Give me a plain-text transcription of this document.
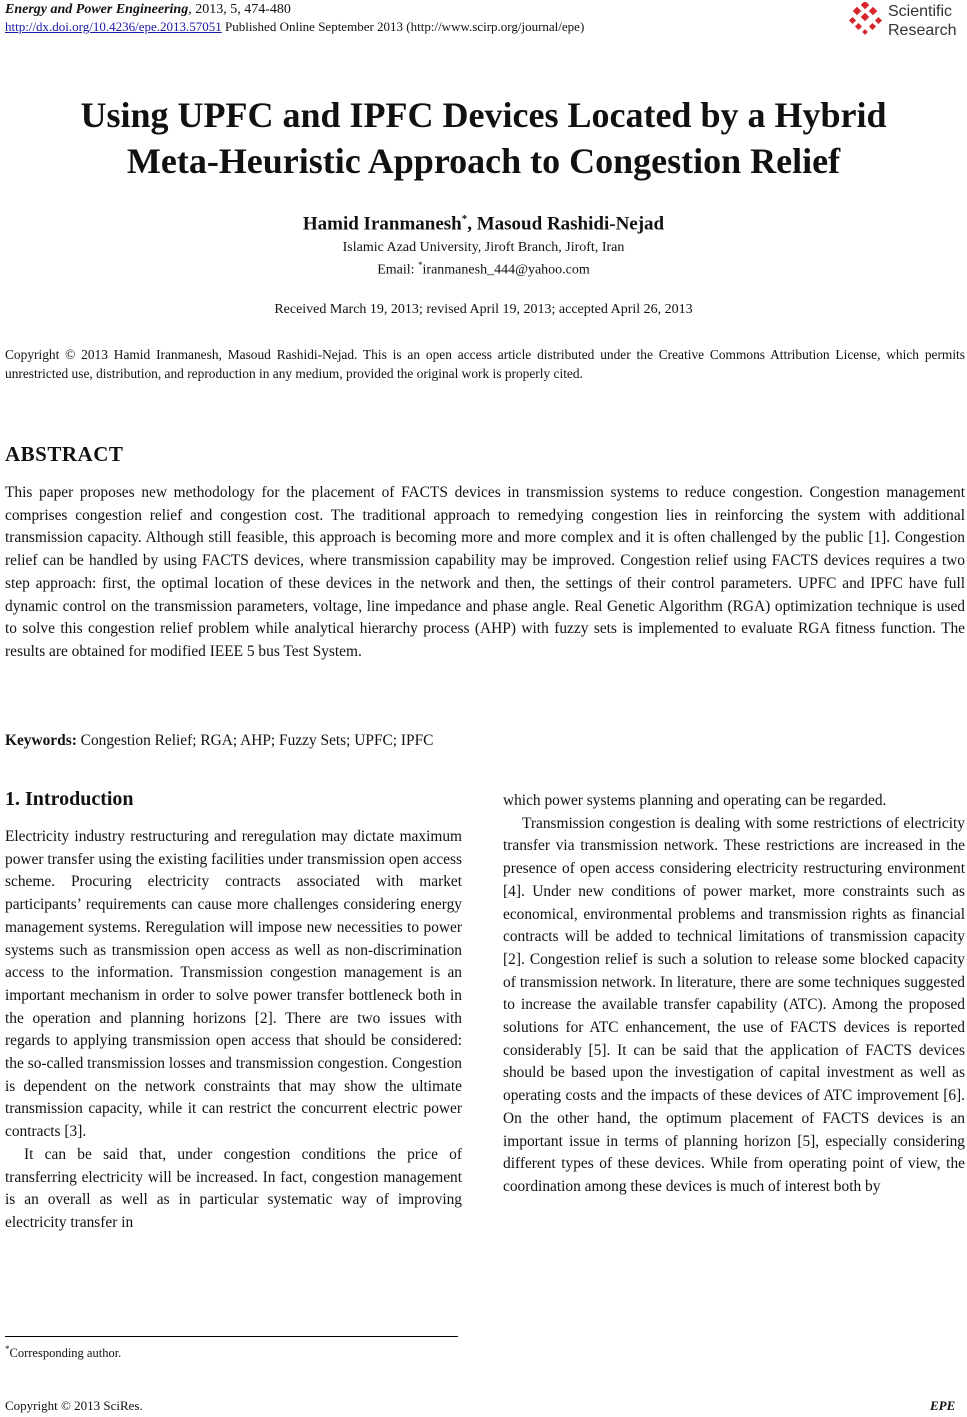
Energy and Power Engineering, 2013, 5, 474-480
http://dx.doi.org/10.4236/epe.2013.57051 Published Online September 2013 (http://www.scirp.org/journal/epe)
Scientific
Research
Using UPFC and IPFC Devices Located by a Hybrid
Meta-Heuristic Approach to Congestion Relief
Hamid Iranmanesh*, Masoud Rashidi-Nejad
Islamic Azad University, Jiroft Branch, Jiroft, Iran
Email: *iranmanesh_444@yahoo.com
Received March 19, 2013; revised April 19, 2013; accepted April 26, 2013
Copyright © 2013 Hamid Iranmanesh, Masoud Rashidi-Nejad. This is an open access article distributed under the Creative Commons Attribution License, which permits unrestricted use, distribution, and reproduction in any medium, provided the original work is properly cited.
ABSTRACT
This paper proposes new methodology for the placement of FACTS devices in transmission systems to reduce congestion. Congestion management comprises congestion relief and congestion cost. The traditional approach to remedying congestion lies in reinforcing the system with additional transmission capacity. Although still feasible, this approach is becoming more and more complex and it is often challenged by the public [1]. Congestion relief can be handled by using FACTS devices, where transmission capability may be improved. Congestion relief using FACTS devices requires a two step approach: first, the optimal location of these devices in the network and then, the settings of their control parameters. UPFC and IPFC have full dynamic control on the transmission parameters, voltage, line impedance and phase angle. Real Genetic Algorithm (RGA) optimization technique is used to solve this congestion relief problem while analytical hierarchy process (AHP) with fuzzy sets is implemented to evaluate RGA fitness function. The results are obtained for modified IEEE 5 bus Test System.
Keywords: Congestion Relief; RGA; AHP; Fuzzy Sets; UPFC; IPFC
1. Introduction

Electricity industry restructuring and reregulation may dictate maximum power transfer using the existing facilities under transmission open access scheme. Procuring electricity contracts associated with market participants’ requirements can cause more challenges considering energy management systems. Reregulation will impose new necessities to power systems such as transmission open access as well as non-discrimination access to the information. Transmission congestion management is an important mechanism in order to solve power transfer bottleneck both in the operation and planning horizons [2]. There are two issues with regards to applying transmission open access that should be considered: the so-called transmission losses and transmission congestion. Congestion is dependent on the network constraints that may show the ultimate transmission capacity, while it can restrict the concurrent electric power contracts [3].

It can be said that, under congestion conditions the price of transferring electricity will be increased. In fact, congestion management is an overall as well as in particular systematic way of improving electricity transfer in

which power systems planning and operating can be regarded.

Transmission congestion is dealing with some restrictions of electricity transfer via transmission network. These restrictions are increased in the presence of open access considering electricity restructuring environment [4]. Under new conditions of power market, more constraints such as economical, environmental problems and transmission rights as financial contracts will be added to technical limitations of transmission capacity [2]. Congestion relief is such a solution to release some blocked capacity of transmission network. In literature, there are some techniques suggested to increase the available transfer capability (ATC). Among the proposed solutions for ATC enhancement, the use of FACTS devices is reported considerably [5]. It can be said that the application of FACTS devices should be based upon the investigation of capital investment as well as operating costs and the impacts of these devices of ATC improvement [6]. On the other hand, the optimum placement of FACTS devices is an important issue in terms of planning horizon [5], especially considering different types of these devices. While from operating point of view, the coordination among these devices is much of interest both by

*Corresponding author.
Copyright © 2013 SciRes.	EPE
